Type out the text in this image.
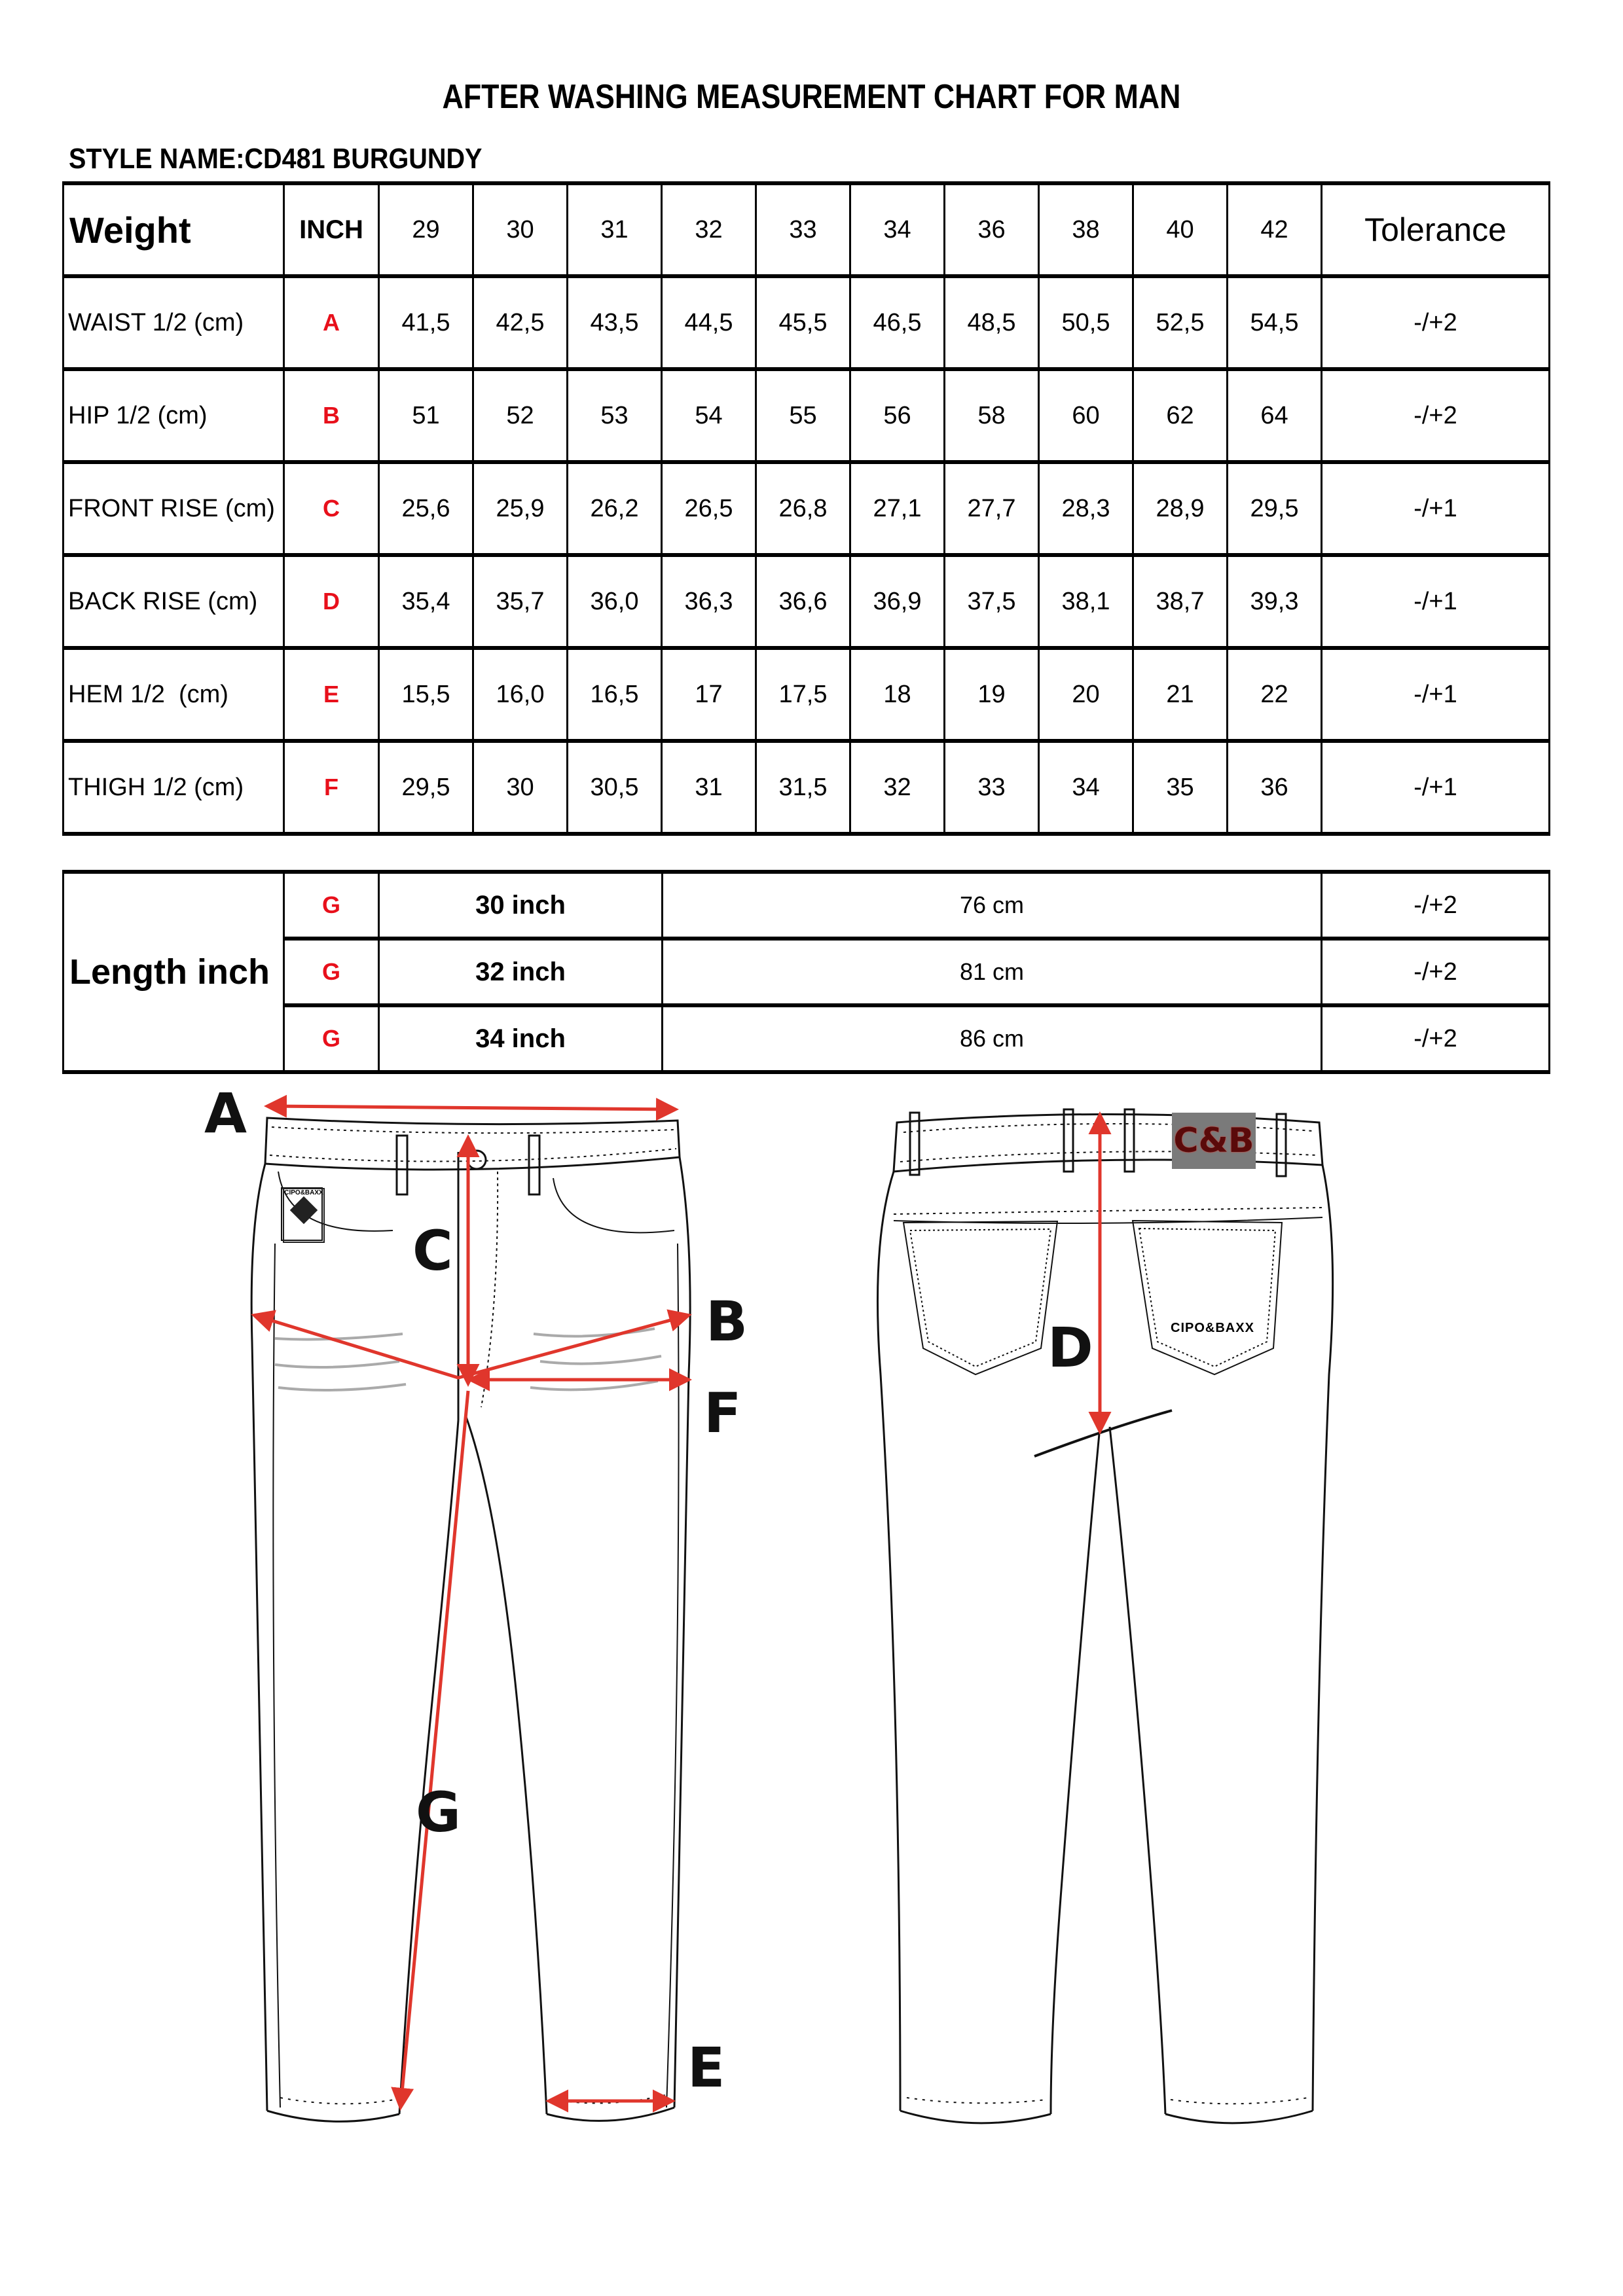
AFTER WASHING MEASUREMENT CHART FOR MAN
STYLE NAME:CD481 BURGUNDY
Weight	INCH	29	30	31	32	33	34	36	38	40	42	Tolerance
WAIST 1/2 (cm)	A	41,5	42,5	43,5	44,5	45,5	46,5	48,5	50,5	52,5	54,5	-/+2
HIP 1/2 (cm)	B	51	52	53	54	55	56	58	60	62	64	-/+2
FRONT RISE (cm)	C	25,6	25,9	26,2	26,5	26,8	27,1	27,7	28,3	28,9	29,5	-/+1
BACK RISE (cm)	D	35,4	35,7	36,0	36,3	36,6	36,9	37,5	38,1	38,7	39,3	-/+1
HEM 1/2  (cm)	E	15,5	16,0	16,5	17	17,5	18	19	20	21	22	-/+1
THIGH 1/2 (cm)	F	29,5	30	30,5	31	31,5	32	33	34	35	36	-/+1
Length inch	G	30 inch	76 cm	-/+2
	G	32 inch	81 cm	-/+2
	G	34 inch	86 cm	-/+2
CIPO&BAXX
C&B
CIPO&BAXX
A
C
B
F
G
E
D
